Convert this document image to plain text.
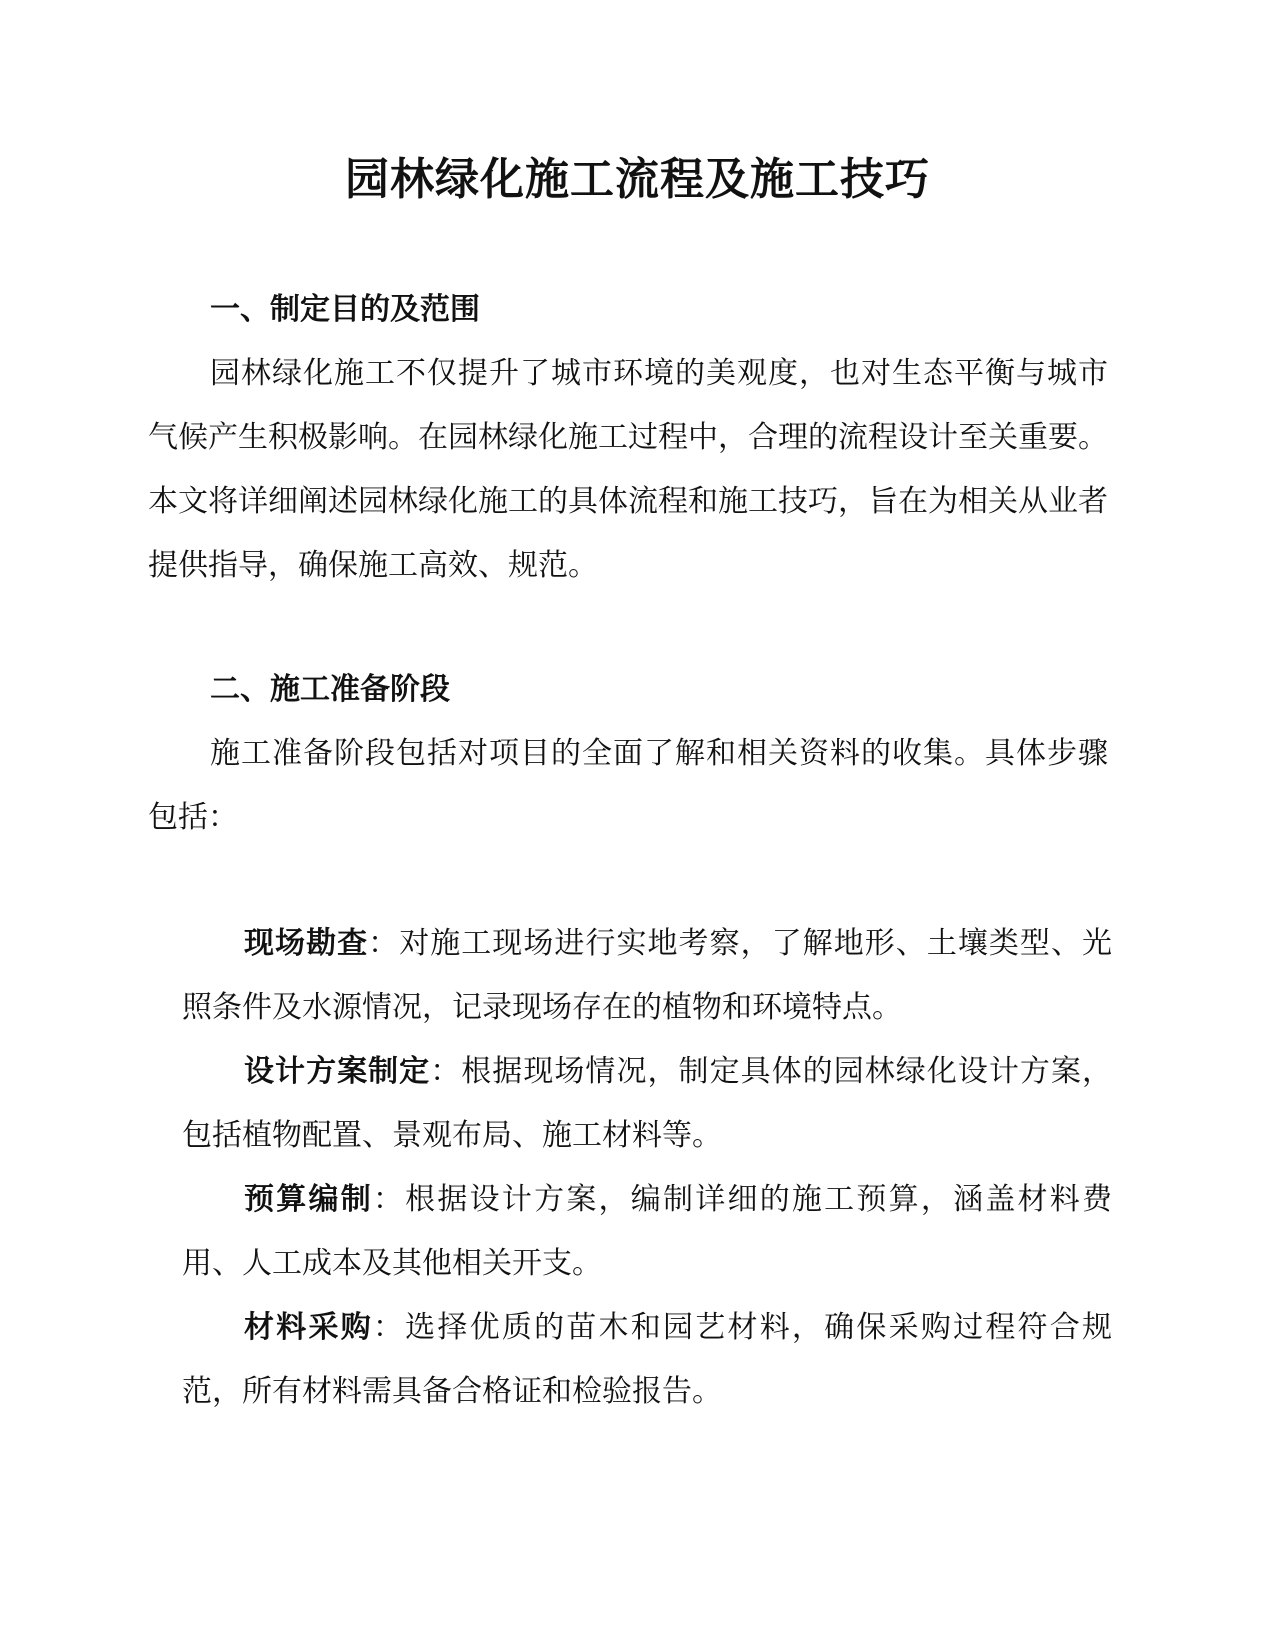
园林绿化施工流程及施工技巧
一、制定目的及范围

园林绿化施工不仅提升了城市环境的美观度，也对生态平衡与城市气候产生积极影响。在园林绿化施工过程中，合理的流程设计至关重要。本文将详细阐述园林绿化施工的具体流程和施工技巧，旨在为相关从业者提供指导，确保施工高效、规范。

二、施工准备阶段

施工准备阶段包括对项目的全面了解和相关资料的收集。具体步骤包括：

现场勘查：对施工现场进行实地考察，了解地形、土壤类型、光照条件及水源情况，记录现场存在的植物和环境特点。

设计方案制定：根据现场情况，制定具体的园林绿化设计方案，包括植物配置、景观布局、施工材料等。

预算编制：根据设计方案，编制详细的施工预算，涵盖材料费用、人工成本及其他相关开支。

材料采购：选择优质的苗木和园艺材料，确保采购过程符合规范，所有材料需具备合格证和检验报告。
